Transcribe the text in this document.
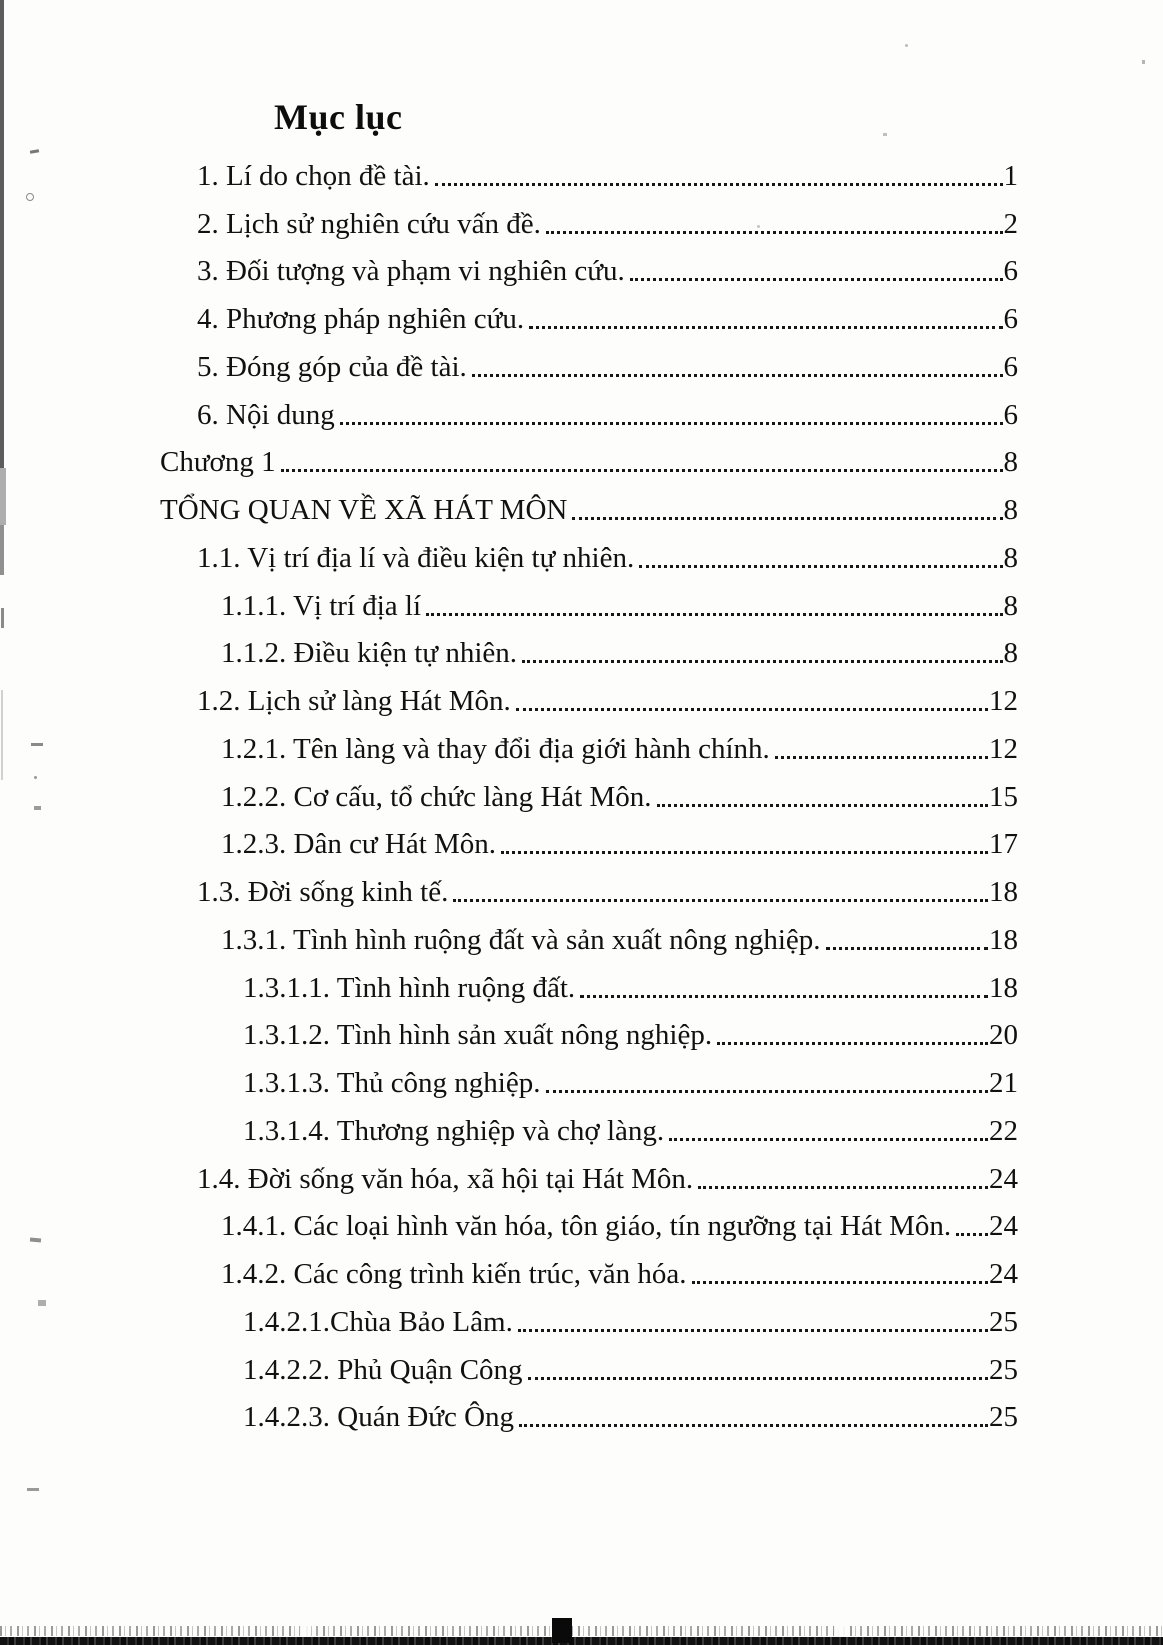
Mục lục
1. Lí do chọn đề tài.	1
2. Lịch sử nghiên cứu vấn đề.	2
3. Đối tượng và phạm vi nghiên cứu.	6
4. Phương pháp nghiên cứu.	6
5. Đóng góp của đề tài.	6
6. Nội dung	6
Chương 1	8
TỔNG QUAN VỀ XÃ HÁT MÔN	8
1.1. Vị trí địa lí và điều kiện tự nhiên.	8
1.1.1. Vị trí địa lí	8
1.1.2. Điều kiện tự nhiên.	8
1.2. Lịch sử làng Hát Môn.	12
1.2.1. Tên làng và thay đổi địa giới hành chính.	12
1.2.2. Cơ cấu, tổ chức làng Hát Môn.	15
1.2.3. Dân cư Hát Môn.	17
1.3. Đời sống kinh tế.	18
1.3.1. Tình hình ruộng đất và sản xuất nông nghiệp.	18
1.3.1.1. Tình hình ruộng đất.	18
1.3.1.2. Tình hình sản xuất nông nghiệp.	20
1.3.1.3. Thủ công nghiệp.	21
1.3.1.4. Thương nghiệp và chợ làng.	22
1.4. Đời sống văn hóa, xã hội tại Hát Môn.	24
1.4.1. Các loại hình văn hóa, tôn giáo, tín ngưỡng tại Hát Môn. 24
1.4.2. Các công trình kiến trúc, văn hóa.	24
1.4.2.1.Chùa Bảo Lâm.	25
1.4.2.2. Phủ Quận Công	25
1.4.2.3. Quán Đức Ông	25
